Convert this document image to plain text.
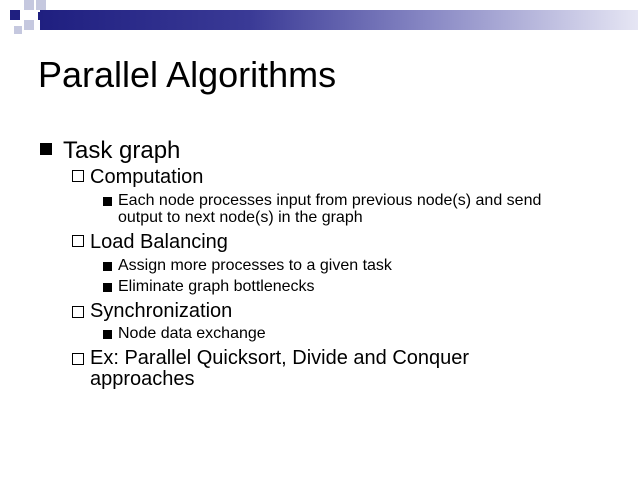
Parallel Algorithms
Task graph
Computation
Each node processes input from previous node(s) and send
output to next node(s) in the graph
Load Balancing
Assign more processes to a given task
Eliminate graph bottlenecks
Synchronization
Node data exchange
Ex: Parallel Quicksort, Divide and Conquer
approaches
